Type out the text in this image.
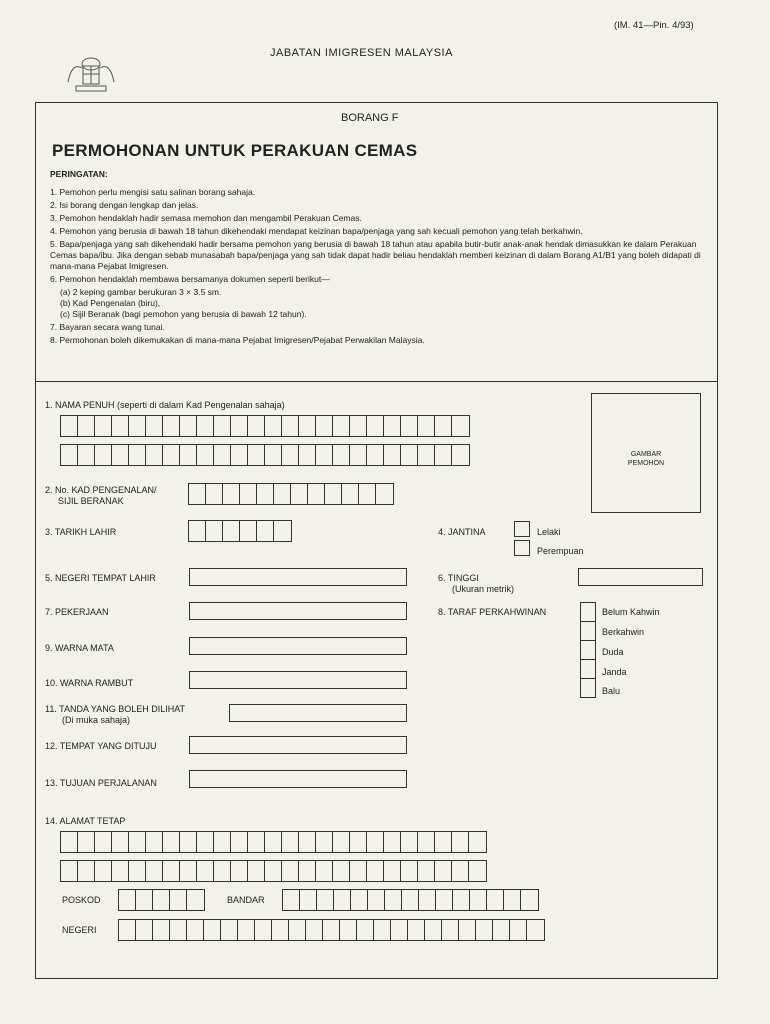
(IM. 41—Pin. 4/93)
JABATAN IMIGRESEN MALAYSIA
BORANG F
PERMOHONAN UNTUK PERAKUAN CEMAS
PERINGATAN:
1. Pemohon perlu mengisi satu salinan borang sahaja.
2. Isi borang dengan lengkap dan jelas.
3. Pemohon hendaklah hadir semasa memohon dan mengambil Perakuan Cemas.
4. Pemohon yang berusia di bawah 18 tahun dikehendaki mendapat keizinan bapa/penjaga yang sah kecuali pemohon yang telah berkahwin.
5. Bapa/penjaga yang sah dikehendaki hadir bersama pemohon yang berusia di bawah 18 tahun atau apabila butir-butir anak-anak hendak dimasukkan ke dalam Perakuan Cemas bapa/ibu. Jika dengan sebab munasabah bapa/penjaga yang sah tidak dapat hadir beliau hendaklah memberi keizinan di dalam Borang A1/B1 yang boleh didapati di mana-mana Pejabat Imigresen.
6. Pemohon hendaklah membawa bersamanya dokumen seperti berikut—
(a) 2 keping gambar berukuran 3 × 3.5 sm.
(b) Kad Pengenalan (biru),
(c) Sijil Beranak (bagi pemohon yang berusia di bawah 12 tahun).
7. Bayaran secara wang tunai.
8. Permohonan boleh dikemukakan di mana-mana Pejabat Imigresen/Pejabat Perwakilan Malaysia.
1. NAMA PENUH (seperti di dalam Kad Pengenalan sahaja)
GAMBAR PEMOHON
2. No. KAD PENGENALAN/
SIJIL BERANAK
3. TARIKH LAHIR	4. JANTINA	Lelaki
Perempuan
5. NEGERI TEMPAT LAHIR	6. TINGGI
(Ukuran metrik)
7. PEKERJAAN	8. TARAF PERKAHWINAN	Belum Kahwin
Berkahwin
Duda
Janda
Balu
9. WARNA MATA
10. WARNA RAMBUT
11. TANDA YANG BOLEH DILIHAT
(Di muka sahaja)
12. TEMPAT YANG DITUJU
13. TUJUAN PERJALANAN
14. ALAMAT TETAP
POSKOD	BANDAR
NEGERI
